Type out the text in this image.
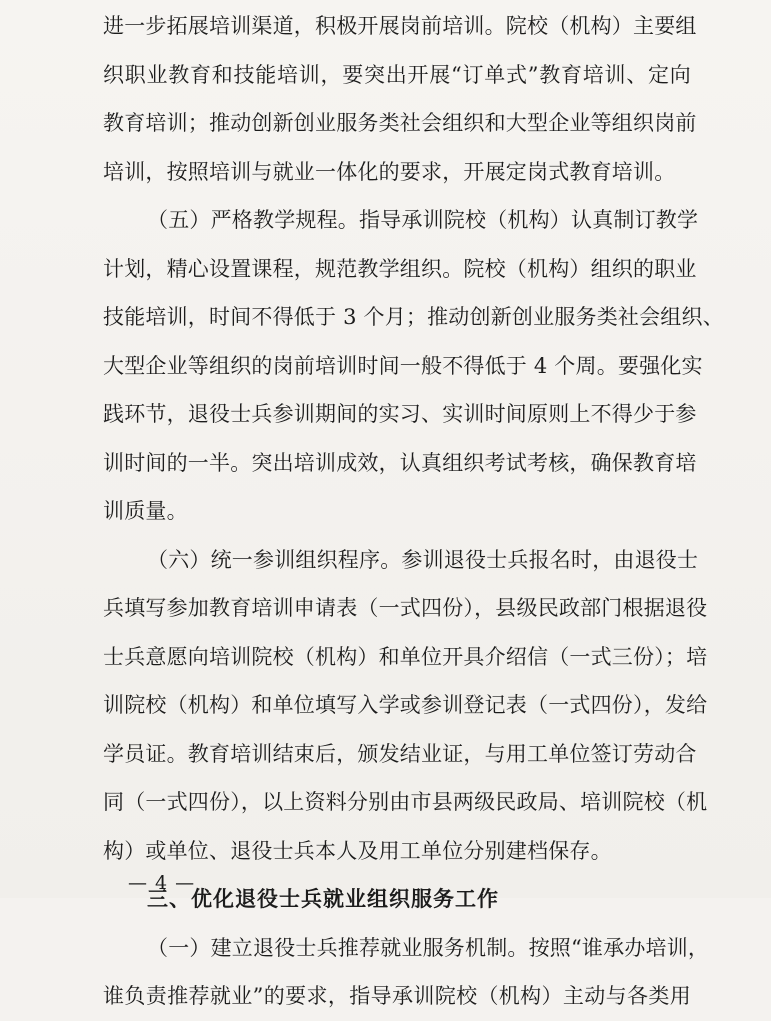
进一步拓展培训渠道，积极开展岗前培训。院校（机构）主要组
织职业教育和技能培训，要突出开展“订单式”教育培训、定向
教育培训；推动创新创业服务类社会组织和大型企业等组织岗前
培训，按照培训与就业一体化的要求，开展定岗式教育培训。
（五）严格教学规程。指导承训院校（机构）认真制订教学
计划，精心设置课程，规范教学组织。院校（机构）组织的职业
技能培训，时间不得低于 3 个月；推动创新创业服务类社会组织、
大型企业等组织的岗前培训时间一般不得低于 4 个周。要强化实
践环节，退役士兵参训期间的实习、实训时间原则上不得少于参
训时间的一半。突出培训成效，认真组织考试考核，确保教育培
训质量。
（六）统一参训组织程序。参训退役士兵报名时，由退役士
兵填写参加教育培训申请表（一式四份），县级民政部门根据退役
士兵意愿向培训院校（机构）和单位开具介绍信（一式三份）；培
训院校（机构）和单位填写入学或参训登记表（一式四份），发给
学员证。教育培训结束后，颁发结业证，与用工单位签订劳动合
同（一式四份），以上资料分别由市县两级民政局、培训院校（机
构）或单位、退役士兵本人及用工单位分别建档保存。
三、优化退役士兵就业组织服务工作
（一）建立退役士兵推荐就业服务机制。按照“谁承办培训，
谁负责推荐就业”的要求，指导承训院校（机构）主动与各类用
— 4 —
